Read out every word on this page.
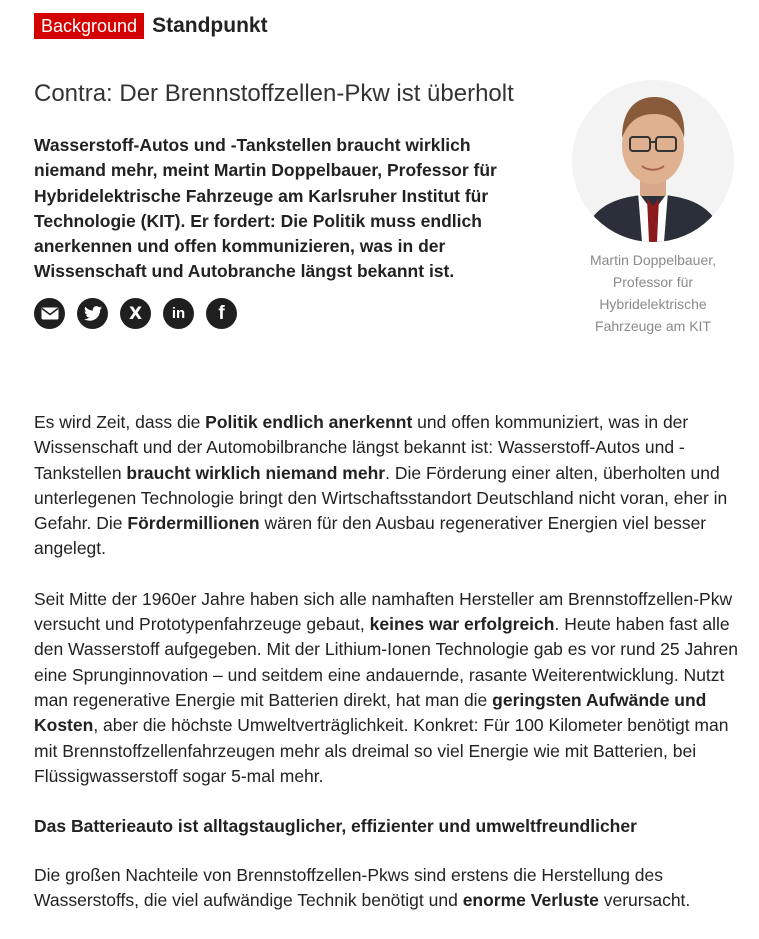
Background Standpunkt
Contra: Der Brennstoffzellen-Pkw ist überholt

Wasserstoff-Autos und -Tankstellen braucht wirklich niemand mehr, meint Martin Doppelbauer, Professor für Hybridelektrische Fahrzeuge am Karlsruher Institut für Technologie (KIT). Er fordert: Die Politik muss endlich anerkennen und offen kommunizieren, was in der Wissenschaft und Autobranche längst bekannt ist.

X in f

Martin Doppelbauer,
Professor für
Hybridelektrische
Fahrzeuge am KIT

Es wird Zeit, dass die Politik endlich anerkennt und offen kommuniziert, was in der Wissenschaft und der Automobilbranche längst bekannt ist: Wasserstoff-Autos und -Tankstellen braucht wirklich niemand mehr. Die Förderung einer alten, überholten und unterlegenen Technologie bringt den Wirtschaftsstandort Deutschland nicht voran, eher in Gefahr. Die Fördermillionen wären für den Ausbau regenerativer Energien viel besser angelegt.

Seit Mitte der 1960er Jahre haben sich alle namhaften Hersteller am Brennstoffzellen-Pkw versucht und Prototypenfahrzeuge gebaut, keines war erfolgreich. Heute haben fast alle den Wasserstoff aufgegeben. Mit der Lithium-Ionen Technologie gab es vor rund 25 Jahren eine Sprunginnovation – und seitdem eine andauernde, rasante Weiterentwicklung. Nutzt man regenerative Energie mit Batterien direkt, hat man die geringsten Aufwände und Kosten, aber die höchste Umweltverträglichkeit. Konkret: Für 100 Kilometer benötigt man mit Brennstoffzellenfahrzeugen mehr als dreimal so viel Energie wie mit Batterien, bei Flüssigwasserstoff sogar 5-mal mehr.

Das Batterieauto ist alltagstauglicher, effizienter und umweltfreundlicher

Die großen Nachteile von Brennstoffzellen-Pkws sind erstens die Herstellung des Wasserstoffs, die viel aufwändige Technik benötigt und enorme Verluste verursacht.
